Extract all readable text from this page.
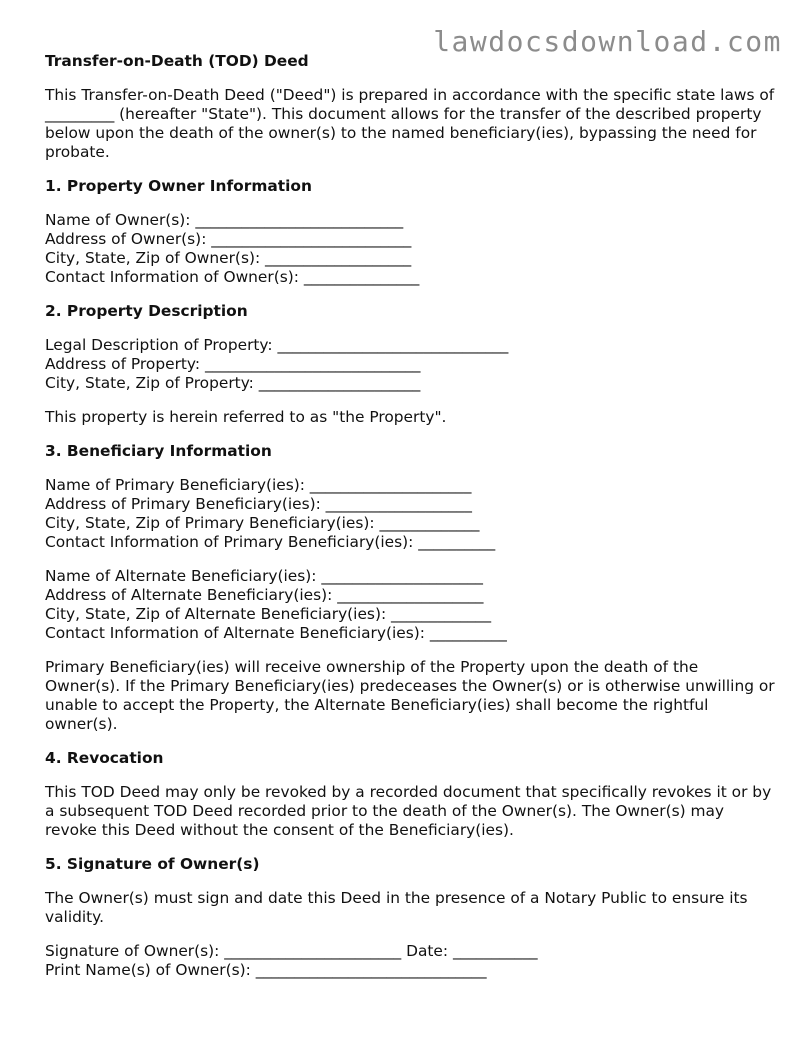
lawdocsdownload.com
Transfer-on-Death (TOD) Deed

This Transfer-on-Death Deed ("Deed") is prepared in accordance with the specific state laws of _________ (hereafter "State"). This document allows for the transfer of the described property below upon the death of the owner(s) to the named beneficiary(ies), bypassing the need for probate.

1. Property Owner Information
Name of Owner(s): ___________________________
Address of Owner(s): __________________________
City, State, Zip of Owner(s): ___________________
Contact Information of Owner(s): _______________
2. Property Description
Legal Description of Property: ______________________________
Address of Property: ____________________________
City, State, Zip of Property: _____________________

This property is herein referred to as "the Property".

3. Beneficiary Information
Name of Primary Beneficiary(ies): _____________________
Address of Primary Beneficiary(ies): ___________________
City, State, Zip of Primary Beneficiary(ies): _____________
Contact Information of Primary Beneficiary(ies): __________
Name of Alternate Beneficiary(ies): _____________________
Address of Alternate Beneficiary(ies): ___________________
City, State, Zip of Alternate Beneficiary(ies): _____________
Contact Information of Alternate Beneficiary(ies): __________

Primary Beneficiary(ies) will receive ownership of the Property upon the death of the Owner(s). If the Primary Beneficiary(ies) predeceases the Owner(s) or is otherwise unwilling or unable to accept the Property, the Alternate Beneficiary(ies) shall become the rightful owner(s).

4. Revocation

This TOD Deed may only be revoked by a recorded document that specifically revokes it or by a subsequent TOD Deed recorded prior to the death of the Owner(s). The Owner(s) may revoke this Deed without the consent of the Beneficiary(ies).

5. Signature of Owner(s)

The Owner(s) must sign and date this Deed in the presence of a Notary Public to ensure its validity.

Signature of Owner(s): _______________________ Date: ___________
Print Name(s) of Owner(s): ______________________________
